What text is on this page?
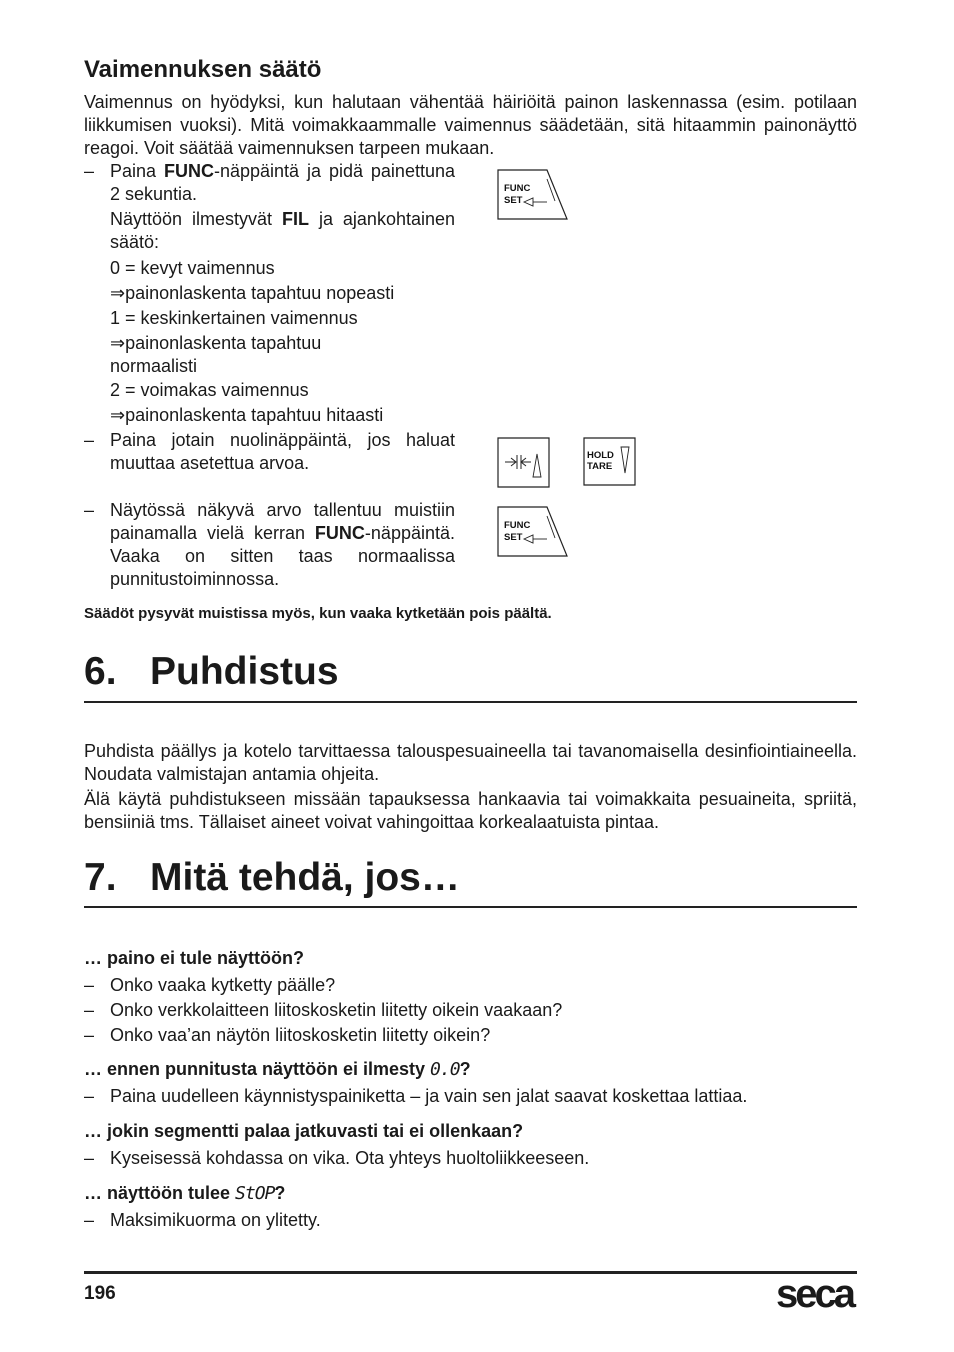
Vaimennuksen säätö

Vaimennus on hyödyksi, kun halutaan vähentää häiriöitä painon laskennassa (esim. potilaan liikkumisen vuoksi). Mitä voimakkaammalle vaimennus säädetään, sitä hitaammin painonäyttö reagoi. Voit säätää vaimennuksen tarpeen mukaan.

– Paina FUNC-näppäintä ja pidä painettuna 2 sekuntia.
Näyttöön ilmestyvät FIL ja ajankohtainen säätö:
0 = kevyt vaimennus
⇒painonlaskenta tapahtuu nopeasti
1 = keskinkertainen vaimennus
⇒painonlaskenta tapahtuu normaalisti
2 = voimakas vaimennus
⇒painonlaskenta tapahtuu hitaasti
– Paina jotain nuolinäppäintä, jos haluat muuttaa asetettua arvoa.
– Näytössä näkyvä arvo tallentuu muistiin painamalla vielä kerran FUNC-näppäintä. Vaaka on sitten taas normaalissa punnitustoiminnossa.
FUNC
SET
HOLD
TARE
FUNC
SET
Säädöt pysyvät muistissa myös, kun vaaka kytketään pois päältä.
6. Puhdistus

Puhdista päällys ja kotelo tarvittaessa talouspesuaineella tai tavanomaisella desinfiointiaineella. Noudata valmistajan antamia ohjeita.

Älä käytä puhdistukseen missään tapauksessa hankaavia tai voimakkaita pesuaineita, spriitä, bensiiniä tms. Tällaiset aineet voivat vahingoittaa korkealaatuista pintaa.

7. Mitä tehdä, jos…
… paino ei tule näyttöön?
– Onko vaaka kytketty päälle?
– Onko verkkolaitteen liitoskosketin liitetty oikein vaakaan?
– Onko vaa’an näytön liitoskosketin liitetty oikein?
… ennen punnitusta näyttöön ei ilmesty 0.0?
– Paina uudelleen käynnistyspainiketta – ja vain sen jalat saavat koskettaa lattiaa.
… jokin segmentti palaa jatkuvasti tai ei ollenkaan?
– Kyseisessä kohdassa on vika. Ota yhteys huoltoliikkeeseen.
… näyttöön tulee StOP?
– Maksimikuorma on ylitetty.
196	seca
